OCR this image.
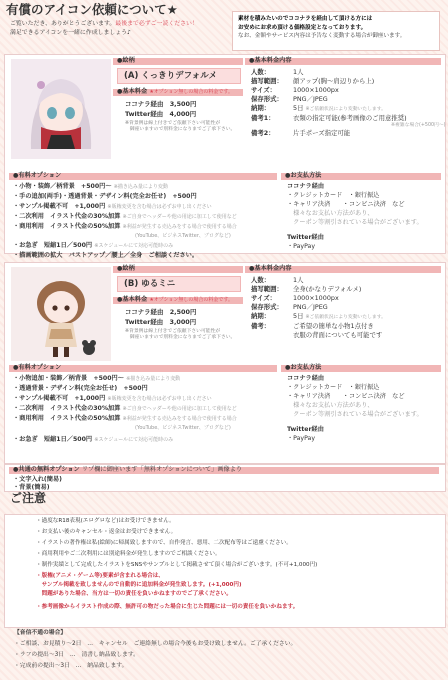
有償のアイコン依頼について★
ご覧いただき、ありがとうございます。最後まで必ずご一読ください！
満足できるアイコンを一緒に作成しましょう♪
素材を積みたいのでココナラを経由して頂ける方には
お安めにお求め頂ける価格設定となっております。
なお、金額やサービス内容は予告なく変動する場合が御座います。
●絵柄	●基本料金内容
(A) くっきりデフォルメ
●基本料金 ★オプション無しの場合の料金です。
ココナラ経由　3,500円
Twitter経由　4,000円
※背景例は線上付きでご依頼下さい可能性が
　御座いますので別料金になりまでご了承下さい。
人数：	1人
描写範囲： 顔アップ(胸〜肩辺りから上)
サイズ：	1000×1000px
保存形式： PNG／JPEG
納期：	5日 ※ご依頼状況により変動いたします。
備考1：	衣類の指定可能(参考画像のご用意推奨)
※複雑な場合(+500円〜)
備考2：	片手ポーズ指定可能
●有料オプション
・小物・装飾／柄背景　+500円〜 ※描き込み量により変動
・手の追加(両手)・透過背景・デザイン料(完全お任せ)　+500円
・サンプル掲載不可　+1,000円 ※販権変更を含む場合は必ずお申し出ください
・二次利用　イラスト代金の30%加算 ※ご自身でヘッダーや他の用途に加工して使用など
・商用利用　イラスト代金の50%加算 ※利益が発生する売込みをする場合で使用する場合
(YouTube、ビジネスTwitter、ブログなど)
・お急ぎ　短縮1日／500円 ※スケジュールにて対応可能時のみ
・描画範囲の拡大　バストアップ／腰上／全身　ご相談ください。
●お支払方法
ココナラ経由
・クレジットカード　・銀行振込
・キャリア決済　　・コンビニ決済　など
　様々なお支払い方法があり、
　クーポン等割引されている場合がございます。
Twitter経由
・PayPay
●絵柄	●基本料金内容
(B) ゆるミニ
●基本料金 ★オプション無しの場合の料金です。
ココナラ経由　2,500円
Twitter経由　3,000円
※背景例は線上付きでご依頼下さい可能性が
　御座いますので別料金になりまでご了承下さい。
人数：	1人
描写範囲： 全身(かなりデフォルメ)
サイズ：	1000×1000px
保存形式： PNG／JPEG
納期：	5日 ※ご依頼状況により変動いたします。
備考：	ご希望の簡単な小物1点付き
衣服の背面についても可能です
●有料オプション
・小物追加・装飾／柄背景　+500円〜 ※描き込み量により変動
・透過背景・デザイン料(完全お任せ)　+500円
・サンプル掲載不可　+1,000円 ※販権変更を含む場合は必ずお申し出ください
・二次利用　イラスト代金の30%加算 ※ご自身でヘッダーや他の用途に加工して使用など
・商用利用　イラスト代金の50%加算 ※利益が発生する売込みをする場合で使用する場合
(YouTube、ビジネスTwitter、ブログなど)
・お急ぎ　短縮1日／500円 ※スケジュールにて対応可能時のみ
●お支払方法
ココナラ経由
・クレジットカード　・銀行振込
・キャリア決済　　・コンビニ決済　など
　様々なお支払い方法があり、
　クーポン等割引されている場合がございます。
Twitter経由
・PayPay
●共通の無料オプション リプ欄に御座います「無料オプションについて」画像より
・文字入れ(簡易)
・背景(簡易)
ご注意
・過度なR18表現(エログロなど)はお受けできません。
・お支払い後のキャンセル・返金はお受けできません。
・イラストの著作権は私(絵師)に帰属致しますので、自作発言、悪用、二次配布等はご遠慮ください。
・商用利用やご二次利用には別途料金が発生しますのでご相談ください。
・制作実績として完成したイラストをSNSやサンプルとして掲載させて頂く場合がございます。(不可+1,000円)
・版権(アニメ・ゲーム等)要素が含まれる場合は、
　サンプル掲載を致しませんので自動的に追加料金が発生致します。(+1,000円)
　問題がありた場合、当方は一切の責任を負いかねますのでご了承ください。
・参考画像からイラスト作成の際、無許可の物だった場合に生じた問題には一切の責任を負いかねます。
【音信不通の場合】
・ご相談、お見積り〜2日　…　キャンセル　ご連絡無しの場合今後もお受け致しません。ご了承ください。
・ラフの提出〜3日　…　清書し納品致します。
・完成前の提出〜3日　…　納品致します。
